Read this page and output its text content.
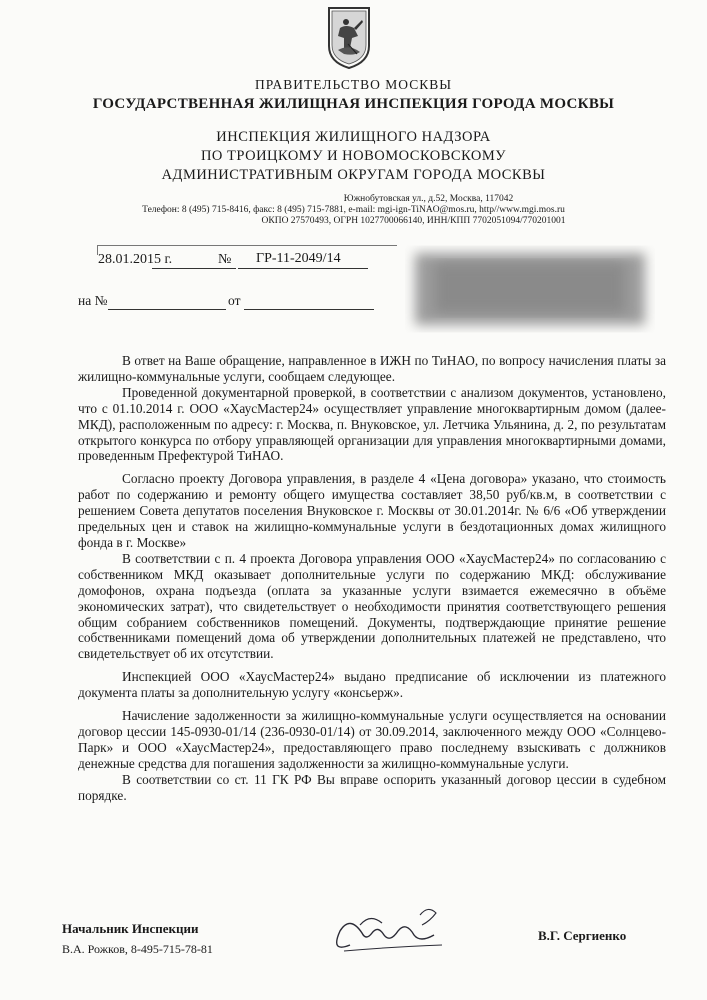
ПРАВИТЕЛЬСТВО МОСКВЫ
ГОСУДАРСТВЕННАЯ ЖИЛИЩНАЯ ИНСПЕКЦИЯ ГОРОДА МОСКВЫ
ИНСПЕКЦИЯ ЖИЛИЩНОГО НАДЗОРА
ПО ТРОИЦКОМУ И НОВОМОСКОВСКОМУ
АДМИНИСТРАТИВНЫМ ОКРУГАМ ГОРОДА МОСКВЫ
Южнобутовская ул., д.52, Москва, 117042
Телефон: 8 (495) 715-8416, факс: 8 (495) 715-7881, e-mail: mgi-ign-TiNAO@mos.ru, http//www.mgi.mos.ru
ОКПО 27570493, ОГРН 1027700066140, ИНН/КПП 7702051094/770201001
28.01.2015 г.	№ ГР-11-2049/14
на №	от

В ответ на Ваше обращение, направленное в ИЖН по ТиНАО, по вопросу начисления платы за жилищно-коммунальные услуги, сообщаем следующее.

Проведенной документарной проверкой, в соответствии с анализом документов, установлено, что с 01.10.2014 г. ООО «ХаусМастер24» осуществляет управление многоквартирным домом (далее-МКД), расположенным по адресу: г. Москва, п. Внуковское, ул. Летчика Ульянина, д. 2, по результатам открытого конкурса по отбору управляющей организации для управления многоквартирными домами, проведенным Префектурой ТиНАО.

Согласно проекту Договора управления, в разделе 4 «Цена договора» указано, что стоимость работ по содержанию и ремонту общего имущества составляет 38,50 руб/кв.м, в соответствии с решением Совета депутатов поселения Внуковское г. Москвы от 30.01.2014г. № 6/6 «Об утверждении предельных цен и ставок на жилищно-коммунальные услуги в бездотационных домах жилищного фонда в г. Москве»

В соответствии с п. 4 проекта Договора управления ООО «ХаусМастер24» по согласованию с собственником МКД оказывает дополнительные услуги по содержанию МКД: обслуживание домофонов, охрана подъезда (оплата за указанные услуги взимается ежемесячно в объёме экономических затрат), что свидетельствует о необходимости принятия соответствующего решения общим собранием собственников помещений. Документы, подтверждающие принятие решение собственниками помещений дома об утверждении дополнительных платежей не представлено, что свидетельствует об их отсутствии.

Инспекцией ООО «ХаусМастер24» выдано предписание об исключении из платежного документа платы за дополнительную услугу «консьерж».

Начисление задолженности за жилищно-коммунальные услуги осуществляется на основании договор цессии 145-0930-01/14 (236-0930-01/14) от 30.09.2014, заключенного между ООО «Солнцево-Парк» и ООО «ХаусМастер24», предоставляющего право последнему взыскивать с должников денежные средства для погашения задолженности за жилищно-коммунальные услуги.

В соответствии со ст. 11 ГК РФ Вы вправе оспорить указанный договор цессии в судебном порядке.

Начальник Инспекции
В.А. Рожков, 8-495-715-78-81
В.Г. Сергиенко
